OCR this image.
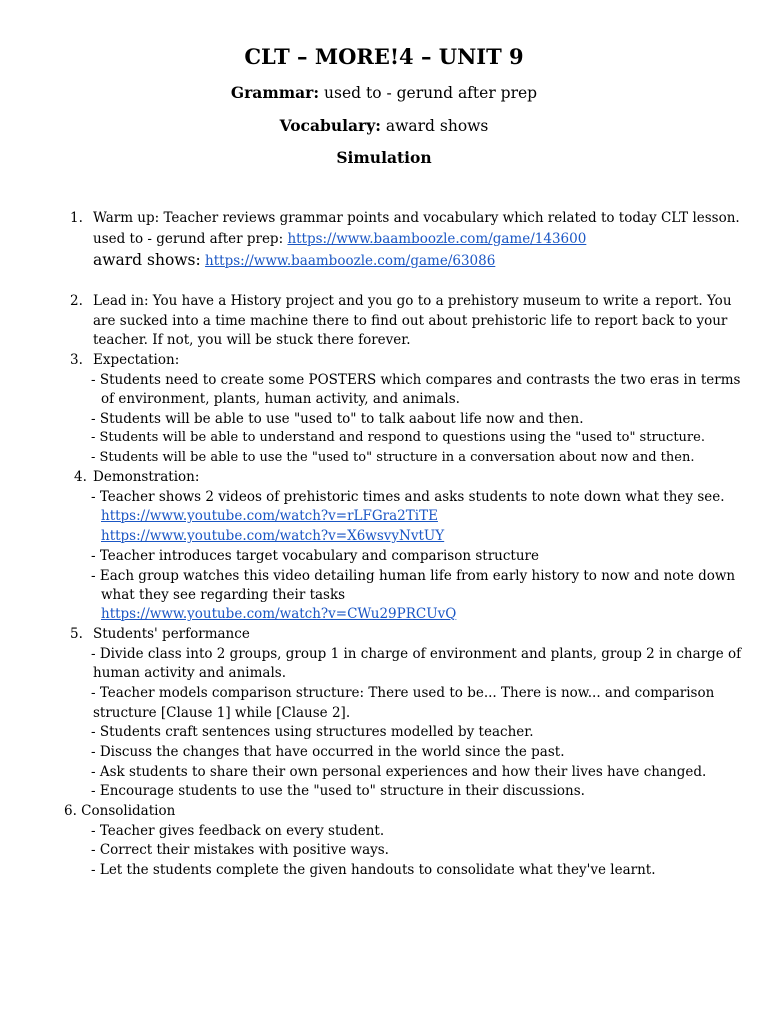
CLT – MORE!4 – UNIT 9
Grammar: used to - gerund after prep
Vocabulary: award shows
Simulation
1. Warm up: Teacher reviews grammar points and vocabulary which related to today CLT lesson.
used to - gerund after prep: https://www.baamboozle.com/game/143600
award shows: https://www.baamboozle.com/game/63086
2. Lead in: You have a History project and you go to a prehistory museum to write a report. You
are sucked into a time machine there to find out about prehistoric life to report back to your
teacher. If not, you will be stuck there forever.
3. Expectation:
- Students need to create some POSTERS which compares and contrasts the two eras in terms
of environment, plants, human activity, and animals.
- Students will be able to use "used to" to talk aabout life now and then.
- Students will be able to understand and respond to questions using the "used to" structure.
- Students will be able to use the "used to" structure in a conversation about now and then.
4. Demonstration:
- Teacher shows 2 videos of prehistoric times and asks students to note down what they see.
https://www.youtube.com/watch?v=rLFGra2TiTE
https://www.youtube.com/watch?v=X6wsvyNvtUY
- Teacher introduces target vocabulary and comparison structure
- Each group watches this video detailing human life from early history to now and note down
what they see regarding their tasks
https://www.youtube.com/watch?v=CWu29PRCUvQ
5. Students' performance
- Divide class into 2 groups, group 1 in charge of environment and plants, group 2 in charge of
human activity and animals.
- Teacher models comparison structure: There used to be... There is now... and comparison
structure [Clause 1] while [Clause 2].
- Students craft sentences using structures modelled by teacher.
- Discuss the changes that have occurred in the world since the past.
- Ask students to share their own personal experiences and how their lives have changed.
- Encourage students to use the "used to" structure in their discussions.
6. Consolidation
- Teacher gives feedback on every student.
- Correct their mistakes with positive ways.
- Let the students complete the given handouts to consolidate what they've learnt.
